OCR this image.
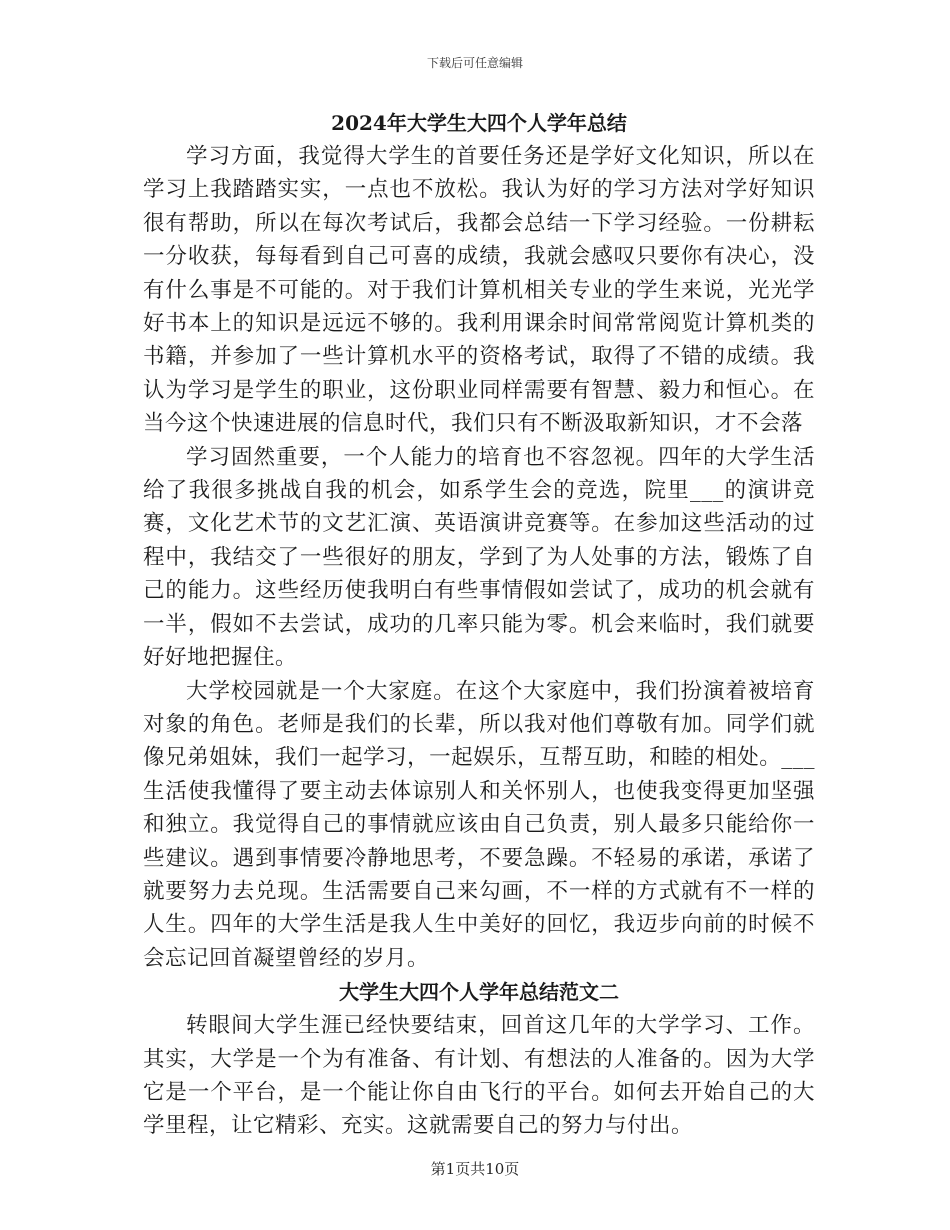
下载后可任意编辑
2024年大学生大四个人学年总结

学习方面，我觉得大学生的首要任务还是学好文化知识，所以在学习上我踏踏实实，一点也不放松。我认为好的学习方法对学好知识很有帮助，所以在每次考试后，我都会总结一下学习经验。一份耕耘一分收获，每每看到自己可喜的成绩，我就会感叹只要你有决心，没有什么事是不可能的。对于我们计算机相关专业的学生来说，光光学好书本上的知识是远远不够的。我利用课余时间常常阅览计算机类的书籍，并参加了一些计算机水平的资格考试，取得了不错的成绩。我认为学习是学生的职业，这份职业同样需要有智慧、毅力和恒心。在当今这个快速进展的信息时代，我们只有不断汲取新知识，才不会落

学习固然重要，一个人能力的培育也不容忽视。四年的大学生活给了我很多挑战自我的机会，如系学生会的竞选，院里___的演讲竞赛，文化艺术节的文艺汇演、英语演讲竞赛等。在参加这些活动的过程中，我结交了一些很好的朋友，学到了为人处事的方法，锻炼了自己的能力。这些经历使我明白有些事情假如尝试了，成功的机会就有一半，假如不去尝试，成功的几率只能为零。机会来临时，我们就要好好地把握住。

大学校园就是一个大家庭。在这个大家庭中，我们扮演着被培育对象的角色。老师是我们的长辈，所以我对他们尊敬有加。同学们就像兄弟姐妹，我们一起学习，一起娱乐，互帮互助，和睦的相处。___生活使我懂得了要主动去体谅别人和关怀别人，也使我变得更加坚强和独立。我觉得自己的事情就应该由自己负责，别人最多只能给你一些建议。遇到事情要冷静地思考，不要急躁。不轻易的承诺，承诺了就要努力去兑现。生活需要自己来勾画，不一样的方式就有不一样的人生。四年的大学生活是我人生中美好的回忆，我迈步向前的时候不会忘记回首凝望曾经的岁月。

大学生大四个人学年总结范文二

转眼间大学生涯已经快要结束，回首这几年的大学学习、工作。其实，大学是一个为有准备、有计划、有想法的人准备的。因为大学它是一个平台，是一个能让你自由飞行的平台。如何去开始自己的大学里程，让它精彩、充实。这就需要自己的努力与付出。

第1页共10页
